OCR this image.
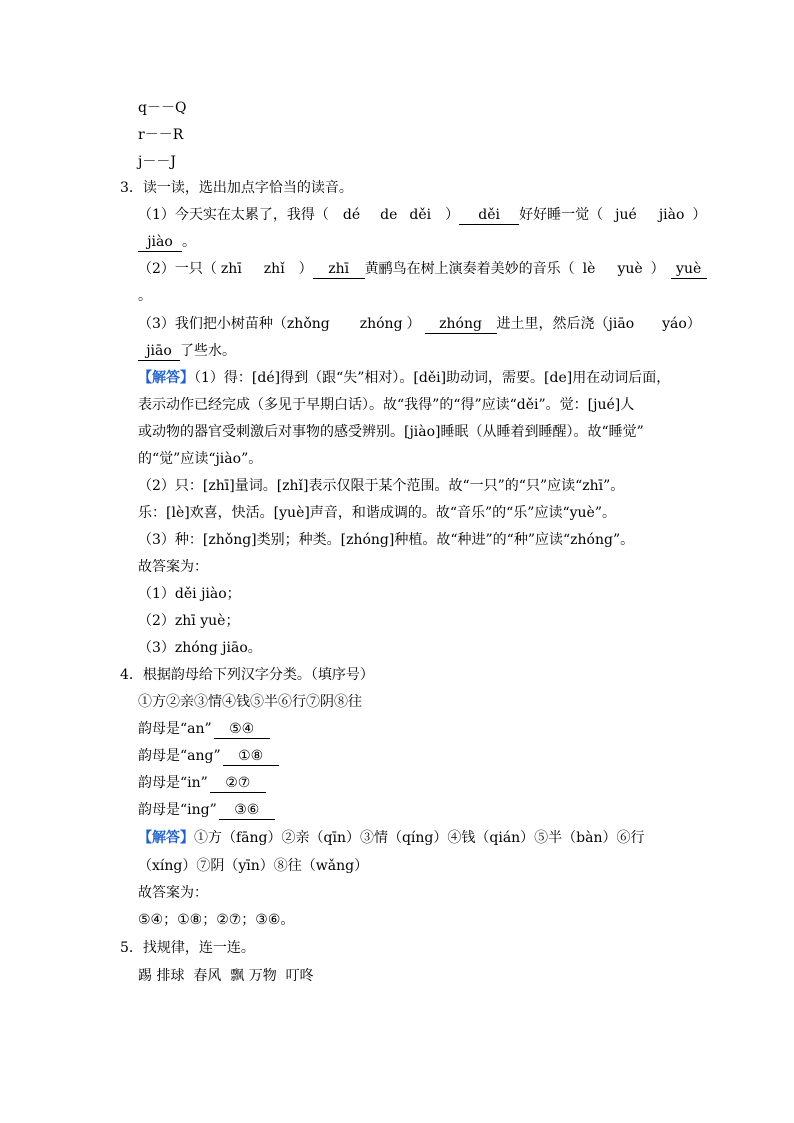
q－－Q
r－－R
j－－J
3．读一读，选出加点字恰当的读音。
（1）今天实在太累了，我得（ dé de děi ） děi 好好睡一觉（ jué jiào ）
jiào 。
（2）一只（ zhī zhǐ ） zhī 黄鹂鸟在树上演奏着美妙的音乐（ lè yuè ） yuè
。
（3）我们把小树苗种（zhǒng zhóng ） zhóng 进土里，然后浇（jiāo yáo）
jiāo 了些水。
【解答】（1）得：[dé]得到（跟“失”相对）。[děi]助动词，需要。[de]用在动词后面，
表示动作已经完成（多见于早期白话）。故“我得”的“得”应读“děi”。觉：[jué]人
或动物的器官受刺激后对事物的感受辨别。[jiào]睡眠（从睡着到睡醒）。故“睡觉”
的“觉”应读“jiào”。
（2）只：[zhī]量词。[zhǐ]表示仅限于某个范围。故“一只”的“只”应读“zhī”。
乐：[lè]欢喜，快活。[yuè]声音，和谐成调的。故“音乐”的“乐”应读“yuè”。
（3）种：[zhǒng]类别；种类。[zhóng]种植。故“种进”的“种”应读“zhóng”。
故答案为：
（1）děi jiào；
（2）zhī yuè；
（3）zhóng jiāo。
4．根据韵母给下列汉字分类。（填序号）
①方②亲③情④钱⑤半⑥行⑦阴⑧往
韵母是“an” ⑤④
韵母是“ang” ①⑧
韵母是“in” ②⑦
韵母是“ing” ③⑥
【解答】①方（fāng）②亲（qīn）③情（qíng）④钱（qián）⑤半（bàn）⑥行
（xíng）⑦阴（yīn）⑧往（wǎng）
故答案为：
⑤④；①⑧；②⑦；③⑥。
5．找规律，连一连。
踢 排球  春风  飘 万物  叮咚
